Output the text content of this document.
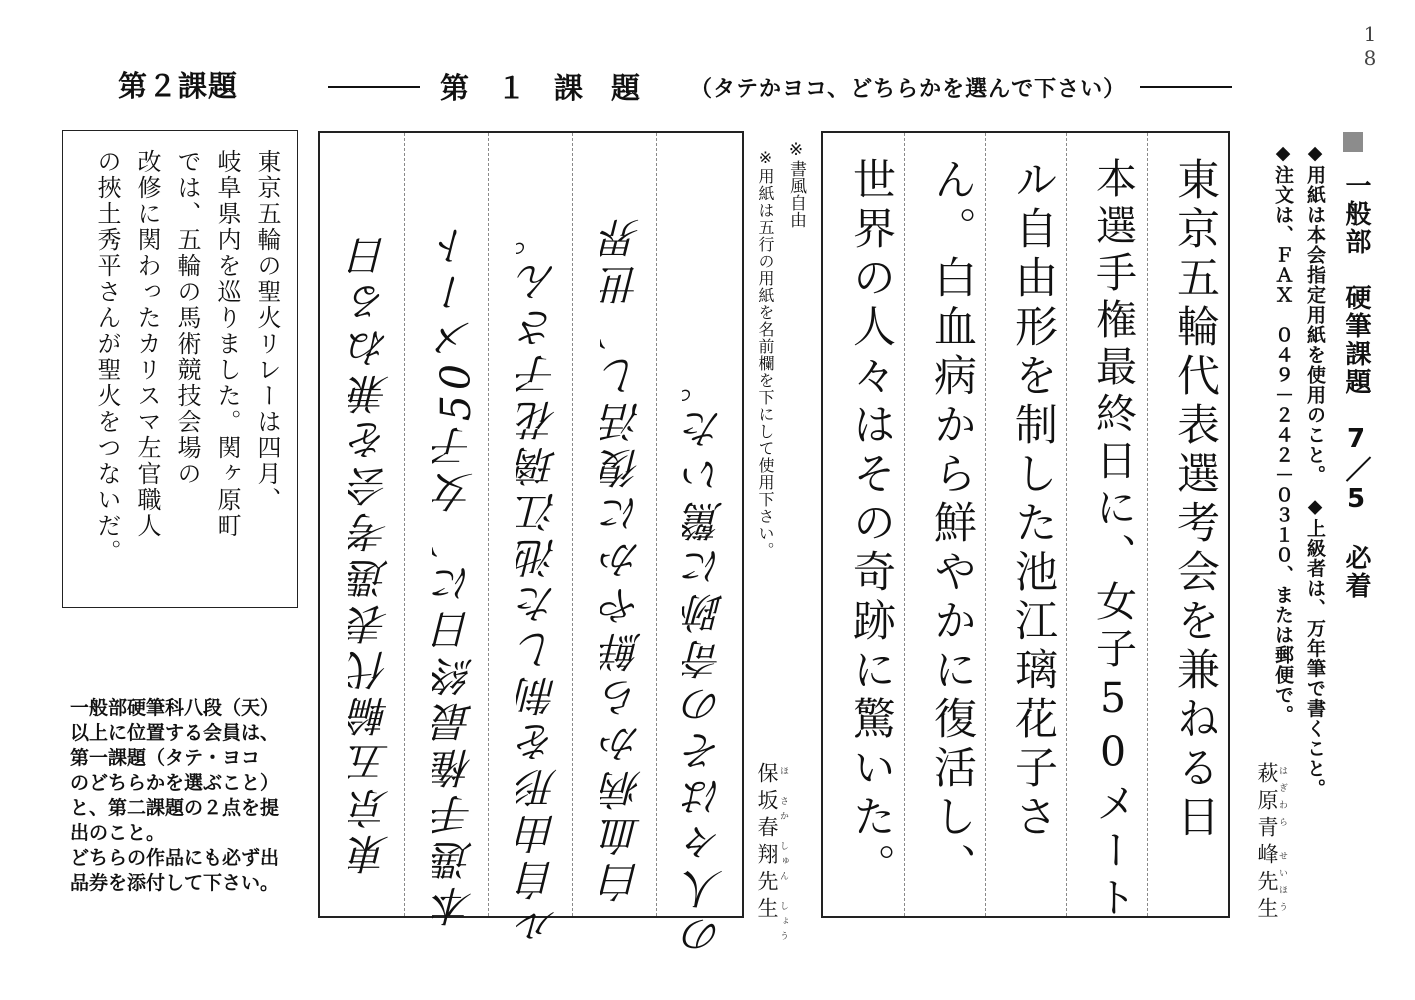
18
第２課題	第１課題 （タテかヨコ、どちらかを選んで下さい）
東京五輪の聖火リレーは四月、
岐阜県内を巡りました。関ヶ原町
では、五輪の馬術競技会場の
改修に関わったカリスマ左官職人
の挾土秀平さんが聖火をつないだ。
一般部硬筆科八段（天）
以上に位置する会員は、
第一課題（タテ・ヨコ
のどちらかを選ぶこと）
と、第二課題の２点を提
出のこと。
どちらの作品にも必ず出
品券を添付して下さい。
東京五輪代表選考会を兼ねる日 本選手権最終日に、女子50メート ル自由形を制した池江璃花子さん。 白血病から鮮やかに復活し、世界 の人々はその奇跡に驚いた。
※用紙は五行の用紙を名前欄を下にして使用下さい。 ※書風自由
ほ　さか　しゅん　しょう
保坂春翔先生 世界の人々はその奇跡に驚いた。 ん。白血病から鮮やかに復活し、 ル自由形を制した池江璃花子さ 本選手権最終日に、女子50メート 東京五輪代表選考会を兼ねる日	はぎわら　せいほう
萩原青峰先生
一般部　硬筆課題　7／5　必着
◆用紙は本会指定用紙を使用のこと。　◆上級者は、万年筆で書くこと。
◆注文は、ＦＡＸ　０４９－２４２－０３１０、または郵便で。
